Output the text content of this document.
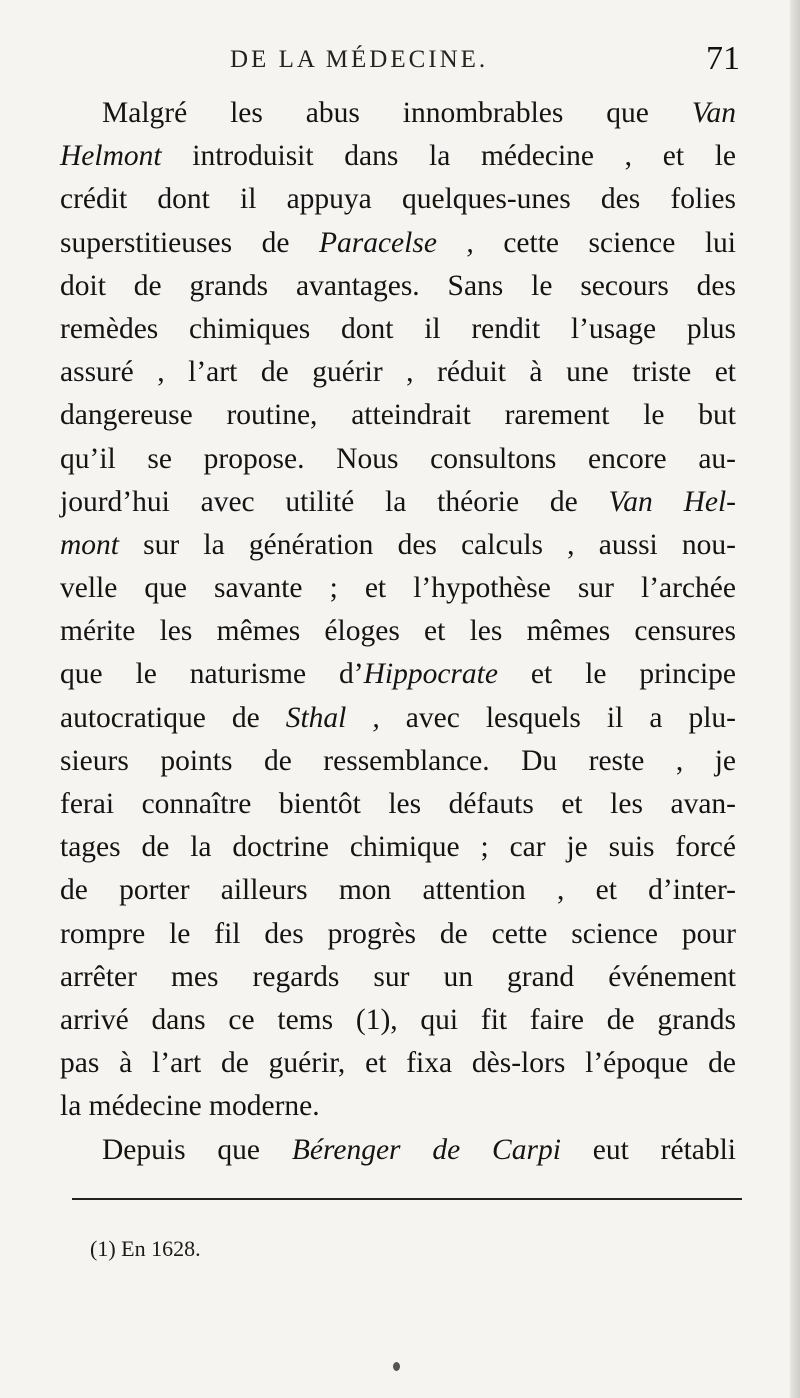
DE LA MÉDECINE.	71
Malgré les abus innombrables que Van
Helmont introduisit dans la médecine , et le
crédit dont il appuya quelques-unes des folies
superstitieuses de Paracelse , cette science lui
doit de grands avantages. Sans le secours des
remèdes chimiques dont il rendit l’usage plus
assuré , l’art de guérir , réduit à une triste et
dangereuse routine, atteindrait rarement le but
qu’il se propose. Nous consultons encore au-
jourd’hui avec utilité la théorie de Van Hel-
mont sur la génération des calculs , aussi nou-
velle que savante ; et l’hypothèse sur l’archée
mérite les mêmes éloges et les mêmes censures
que le naturisme d’Hippocrate et le principe
autocratique de Sthal , avec lesquels il a plu-
sieurs points de ressemblance. Du reste , je
ferai connaître bientôt les défauts et les avan-
tages de la doctrine chimique ; car je suis forcé
de porter ailleurs mon attention , et d’inter-
rompre le fil des progrès de cette science pour
arrêter mes regards sur un grand événement
arrivé dans ce tems (1), qui fit faire de grands
pas à l’art de guérir, et fixa dès-lors l’époque de
la médecine moderne.
Depuis que Bérenger de Carpi eut rétabli
(1) En 1628.
